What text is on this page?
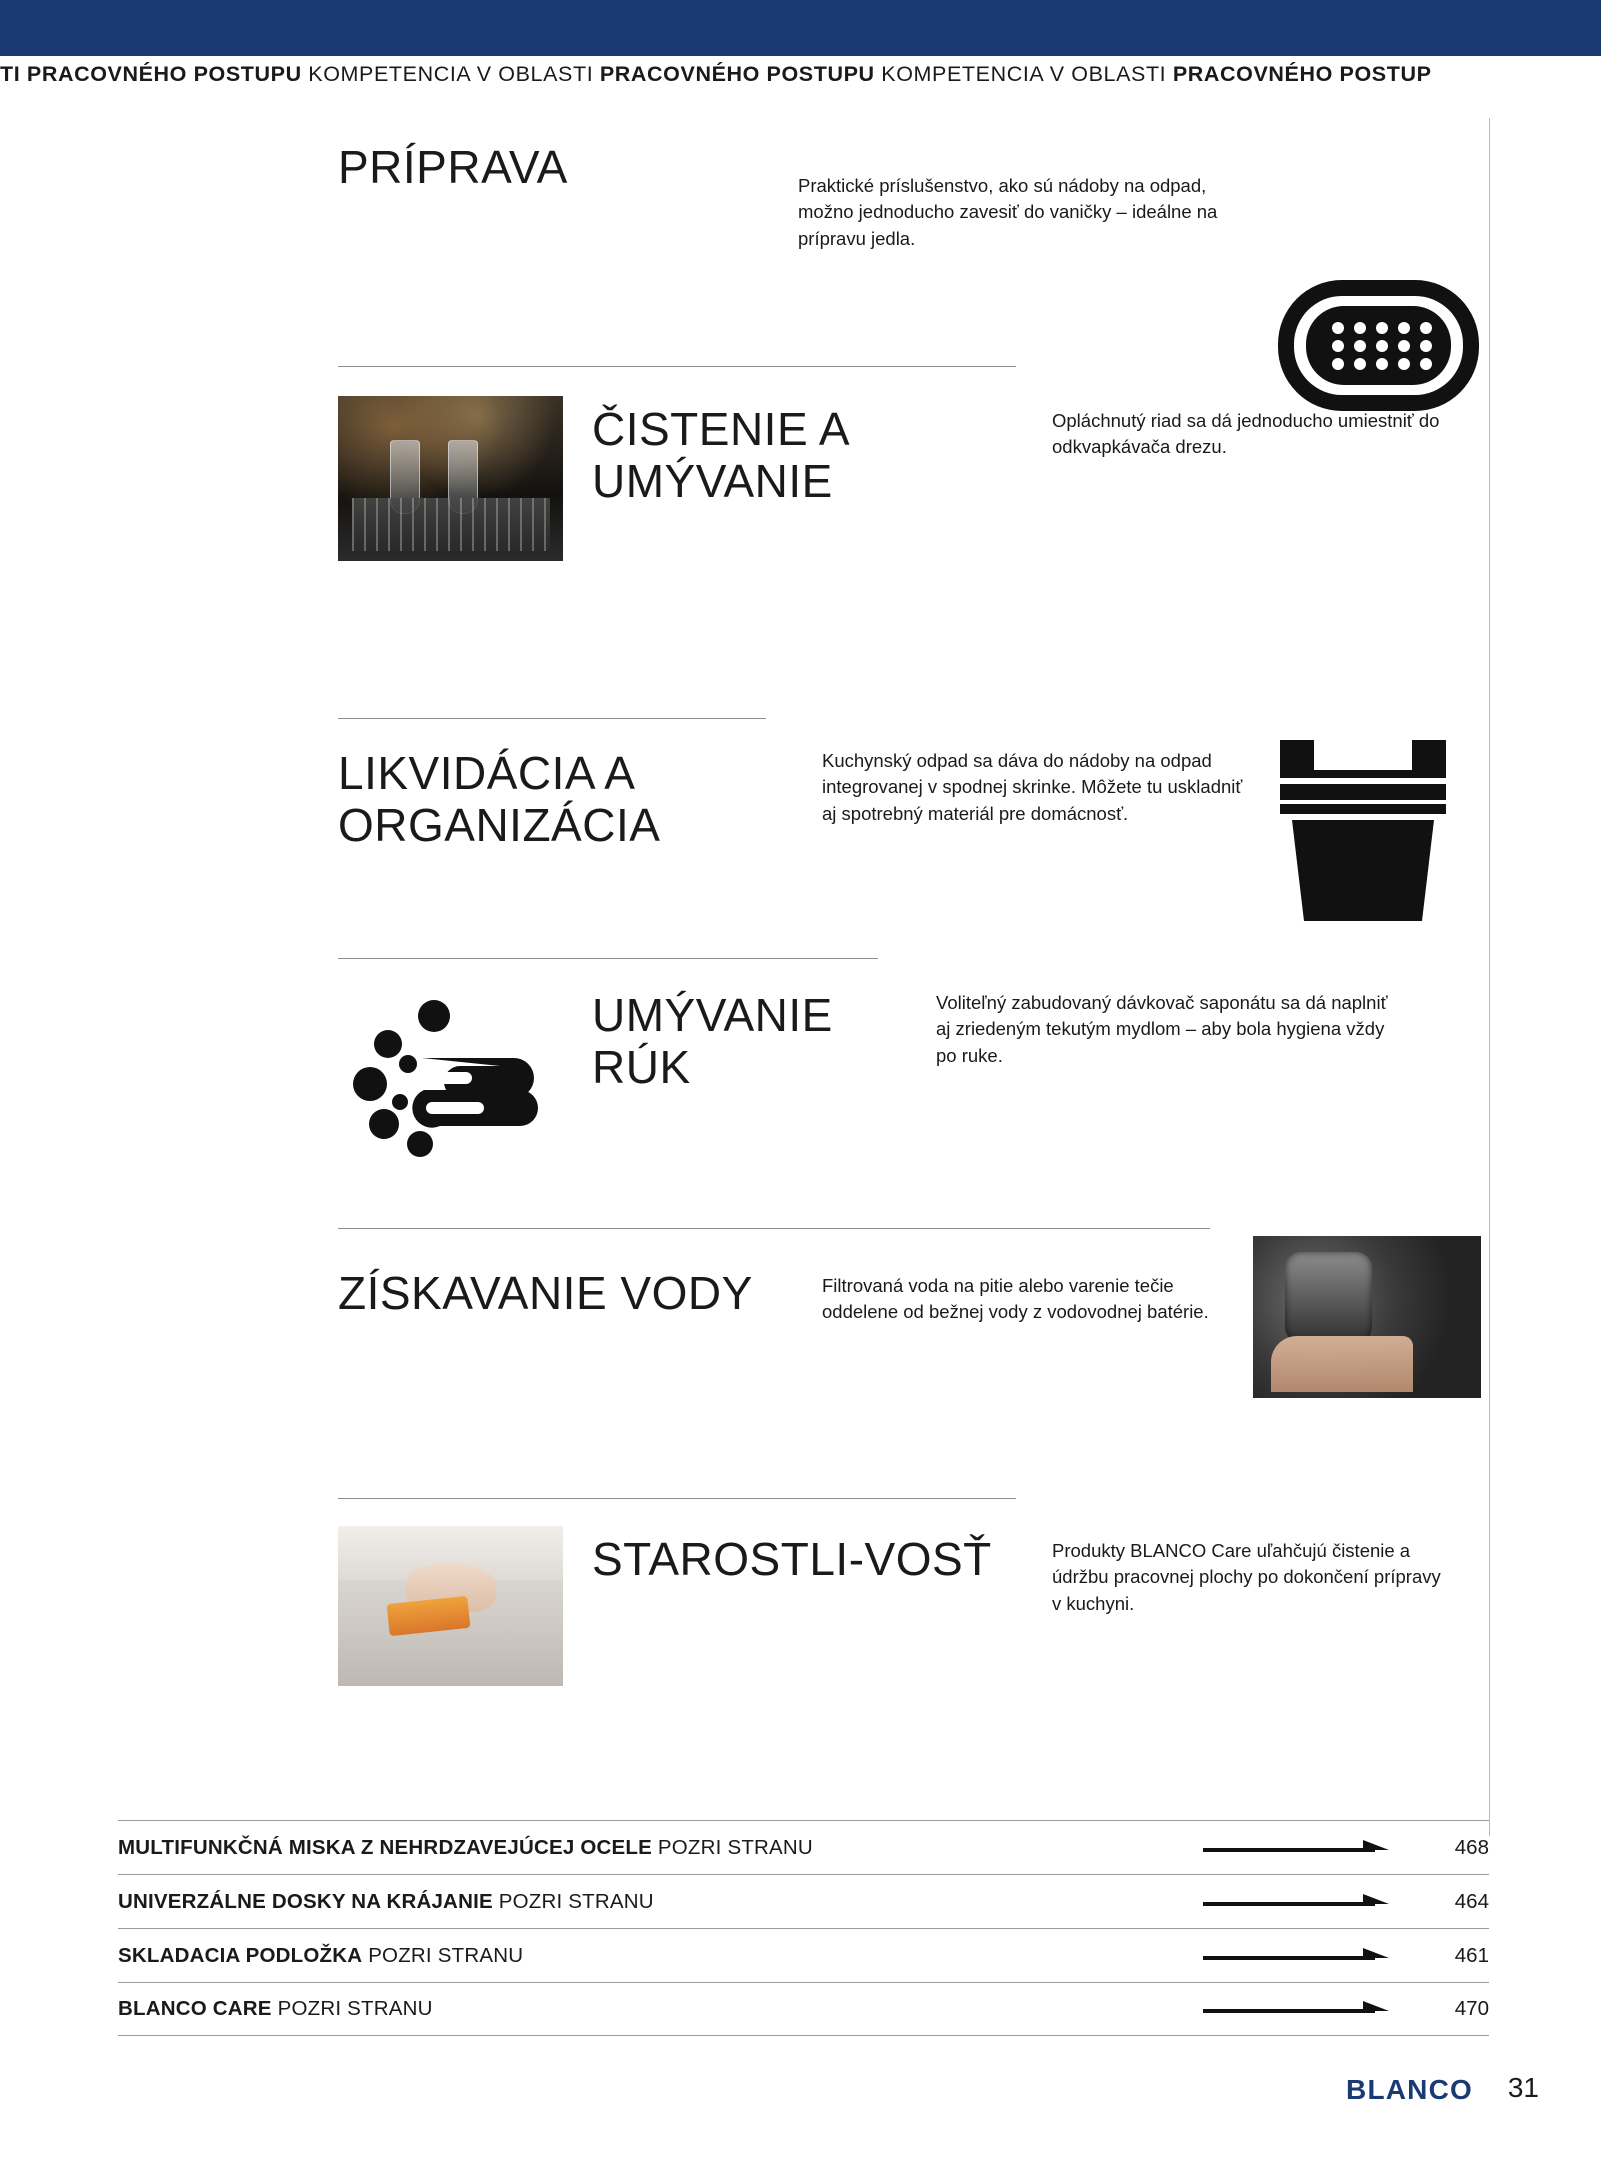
TI PRACOVNÉHO POSTUPU KOMPETENCIA V OBLASTI PRACOVNÉHO POSTUPU KOMPETENCIA V OBLASTI PRACOVNÉHO POSTUP
PRÍPRAVA	Praktické príslušenstvo, ako sú nádoby na odpad, možno jednoducho zavesiť do vaničky – ideálne na prípravu jedla.

ČISTENIE A UMÝVANIE

Opláchnutý riad sa dá jednoducho umiestniť do odkvapkávača drezu.

LIKVIDÁCIA A ORGANIZÁCIA

Kuchynský odpad sa dáva do nádoby na odpad integrovanej v spodnej skrinke. Môžete tu uskladniť aj spotrebný materiál pre domácnosť.

UMÝVANIE RÚK

Voliteľný zabudovaný dávkovač saponátu sa dá naplniť aj zriedeným tekutým mydlom – aby bola hygiena vždy po ruke.

ZÍSKAVANIE VODY	Filtrovaná voda na pitie alebo varenie tečie oddelene od bežnej vody z vodovodnej batérie.

STAROSTLI-VOSŤ	Produkty BLANCO Care uľahčujú čistenie a údržbu pracovnej plochy po dokončení prípravy v kuchyni.

MULTIFUNKČNÁ MISKA Z NEHRDZAVEJÚCEJ OCELE POZRI STRANU	468
UNIVERZÁLNE DOSKY NA KRÁJANIE POZRI STRANU	464
SKLADACIA PODLOŽKA POZRI STRANU	461
BLANCO CARE POZRI STRANU	470
BLANCO 31
